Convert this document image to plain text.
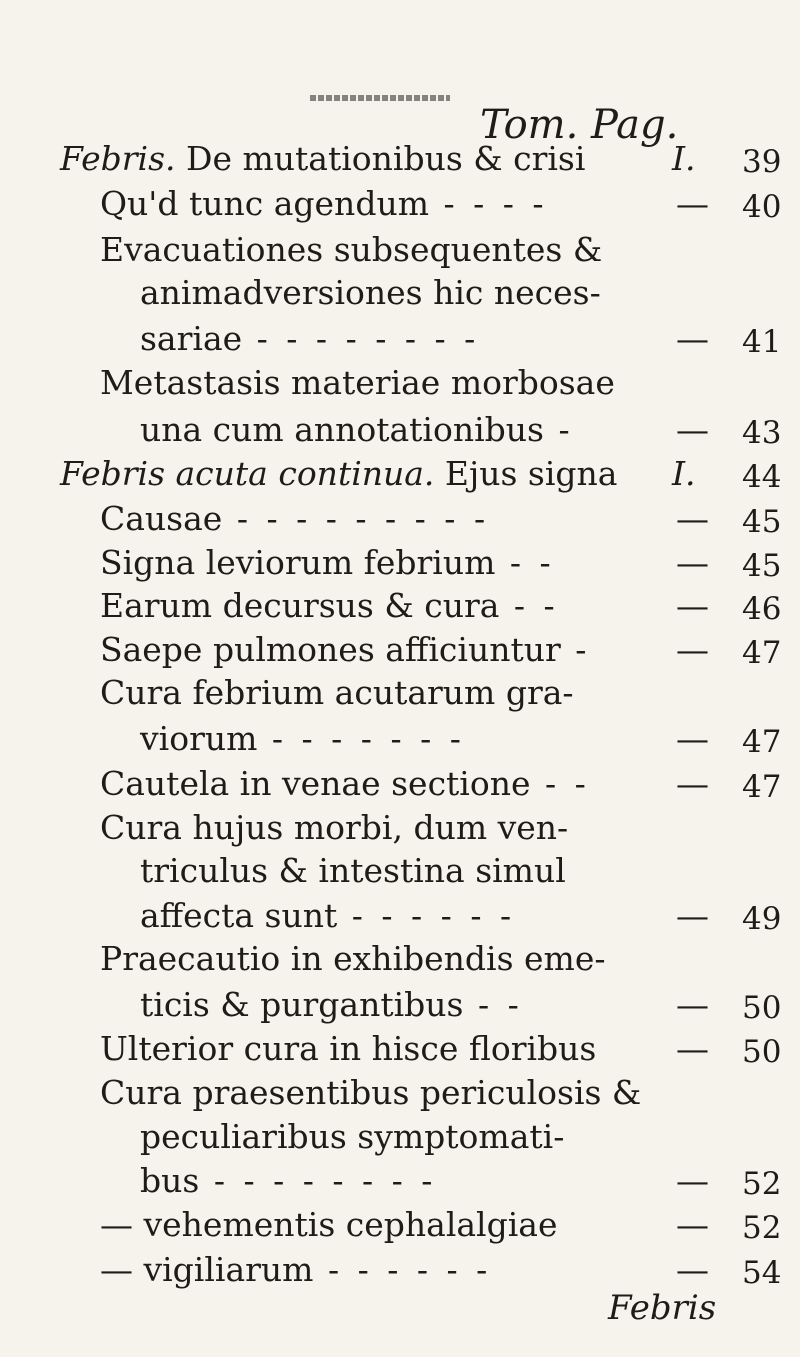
Tom. Pag.
Febris. De mutationibus & crisi	I. 39
Qu'd tunc agendum - - - -	— 40
Evacuationes subsequentes &
animadversiones hic neces-
sariae - - - - - - - -	— 41
Metastasis materiae morbosae
una cum annotationibus -	— 43
Febris acuta continua. Ejus signa I. 44
Causae - - - - - - - - -	— 45
Signa leviorum febrium - -	— 45
Earum decursus & cura - -	— 46
Saepe pulmones afficiuntur -	— 47
Cura febrium acutarum gra-
viorum - - - - - - -	— 47
Cautela in venae sectione - -	— 47
Cura hujus morbi, dum ven-
triculus & intestina simul
affecta sunt - - - - - -	— 49
Praecautio in exhibendis eme-
ticis & purgantibus - -	— 50
Ulterior cura in hisce floribus — 50
Cura praesentibus periculosis &
peculiaribus symptomati-
bus - - - - - - - -	— 52
— vehementis cephalalgiae	— 52
— vigiliarum - - - - - -	— 54
Febris
